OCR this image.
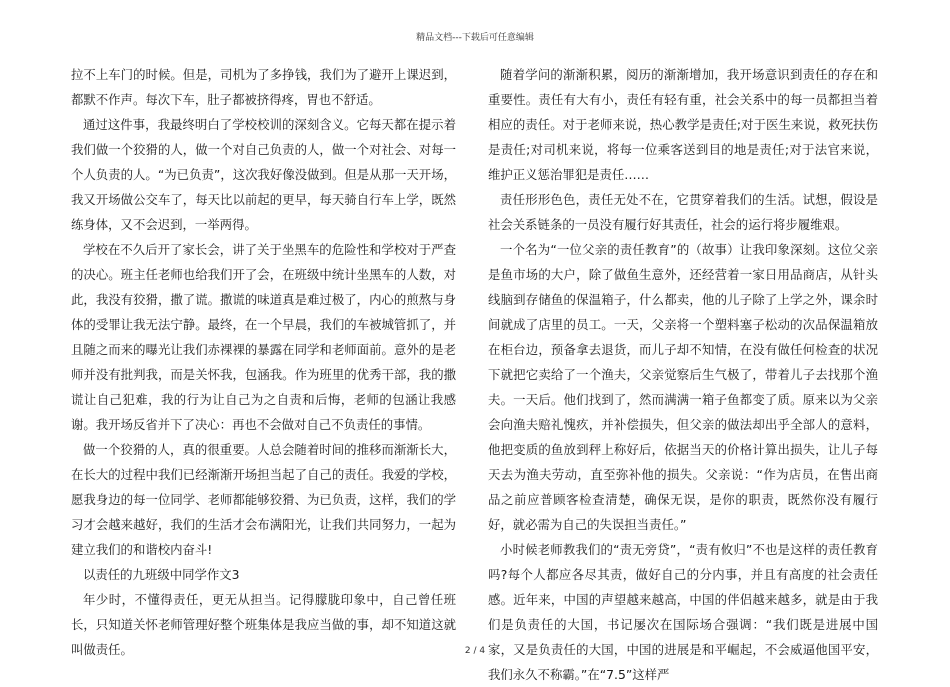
精品文档---下载后可任意编辑

拉不上车门的时候。但是，司机为了多挣钱，我们为了避开上课迟到，都默不作声。每次下车，肚子都被挤得疼，胃也不舒适。

通过这件事，我最终明白了学校校训的深刻含义。它每天都在提示着我们做一个狡猾的人，做一个对自己负责的人，做一个对社会、对每一个人负责的人。“为已负责”，这次我好像没做到。但是从那一天开场，我又开场做公交车了，每天比以前起的更早，每天骑自行车上学，既然练身体，又不会迟到，一举两得。

学校在不久后开了家长会，讲了关于坐黑车的危险性和学校对于严查的决心。班主任老师也给我们开了会，在班级中统计坐黑车的人数，对此，我没有狡猾，撒了谎。撒谎的味道真是难过极了，内心的煎熬与身体的受罪让我无法宁静。最终，在一个早晨，我们的车被城管抓了，并且随之而来的曝光让我们赤裸裸的暴露在同学和老师面前。意外的是老师并没有批判我，而是关怀我，包涵我。作为班里的优秀干部，我的撒谎让自己犯难，我的行为让自己为之自责和后悔，老师的包涵让我感谢。我开场反省并下了决心：再也不会做对自己不负责任的事情。

做一个狡猾的人，真的很重要。人总会随着时间的推移而渐渐长大，在长大的过程中我们已经渐渐开场担当起了自己的责任。我爱的学校，愿我身边的每一位同学、老师都能够狡猾、为已负责，这样，我们的学习才会越来越好，我们的生活才会布满阳光，让我们共同努力，一起为建立我们的和谐校内奋斗!

以责任的九班级中同学作文3

年少时，不懂得责任，更无从担当。记得朦胧印象中，自己曾任班长，只知道关怀老师管理好整个班集体是我应当做的事，却不知道这就叫做责任。

随着学问的渐渐积累，阅历的渐渐增加，我开场意识到责任的存在和重要性。责任有大有小，责任有轻有重，社会关系中的每一员都担当着相应的责任。对于老师来说，热心教学是责任;对于医生来说，救死扶伤是责任;对司机来说，将每一位乘客送到目的地是责任;对于法官来说，维护正义惩治罪犯是责任……

责任形形色色，责任无处不在，它贯穿着我们的生活。试想，假设是社会关系链条的一员没有履行好其责任，社会的运行将步履维艰。

一个名为“一位父亲的责任教育”的（故事）让我印象深刻。这位父亲是鱼市场的大户，除了做鱼生意外，还经营着一家日用品商店，从针头线脑到存储鱼的保温箱子，什么都卖，他的儿子除了上学之外，课余时间就成了店里的员工。一天，父亲将一个塑料塞子松动的次品保温箱放在柜台边，预备拿去退货，而儿子却不知情，在没有做任何检查的状况下就把它卖给了一个渔夫，父亲觉察后生气极了，带着儿子去找那个渔夫。一天后。他们找到了，然而满满一箱子鱼都变了质。原来以为父亲会向渔夫赔礼愧疚，并补偿损失，但父亲的做法却出乎全部人的意料，他把变质的鱼放到秤上称好后，依据当天的价格计算出损失，让儿子每天去为渔夫劳动，直至弥补他的损失。父亲说：“作为店员，在售出商品之前应普顾客检查清楚，确保无误，是你的职责，既然你没有履行好，就必需为自己的失误担当责任。”

小时候老师教我们的“责无旁贷”，“责有攸归”不也是这样的责任教育吗?每个人都应各尽其责，做好自己的分内事，并且有高度的社会责任感。近年来，中国的声望越来越高，中国的伴侣越来越多，就是由于我们是负责任的大国，书记屡次在国际场合强调：“我们既是进展中国家，又是负责任的大国，中国的进展是和平崛起，不会威逼他国平安，我们永久不称霸。”在“7.5”这样严

2 / 4
